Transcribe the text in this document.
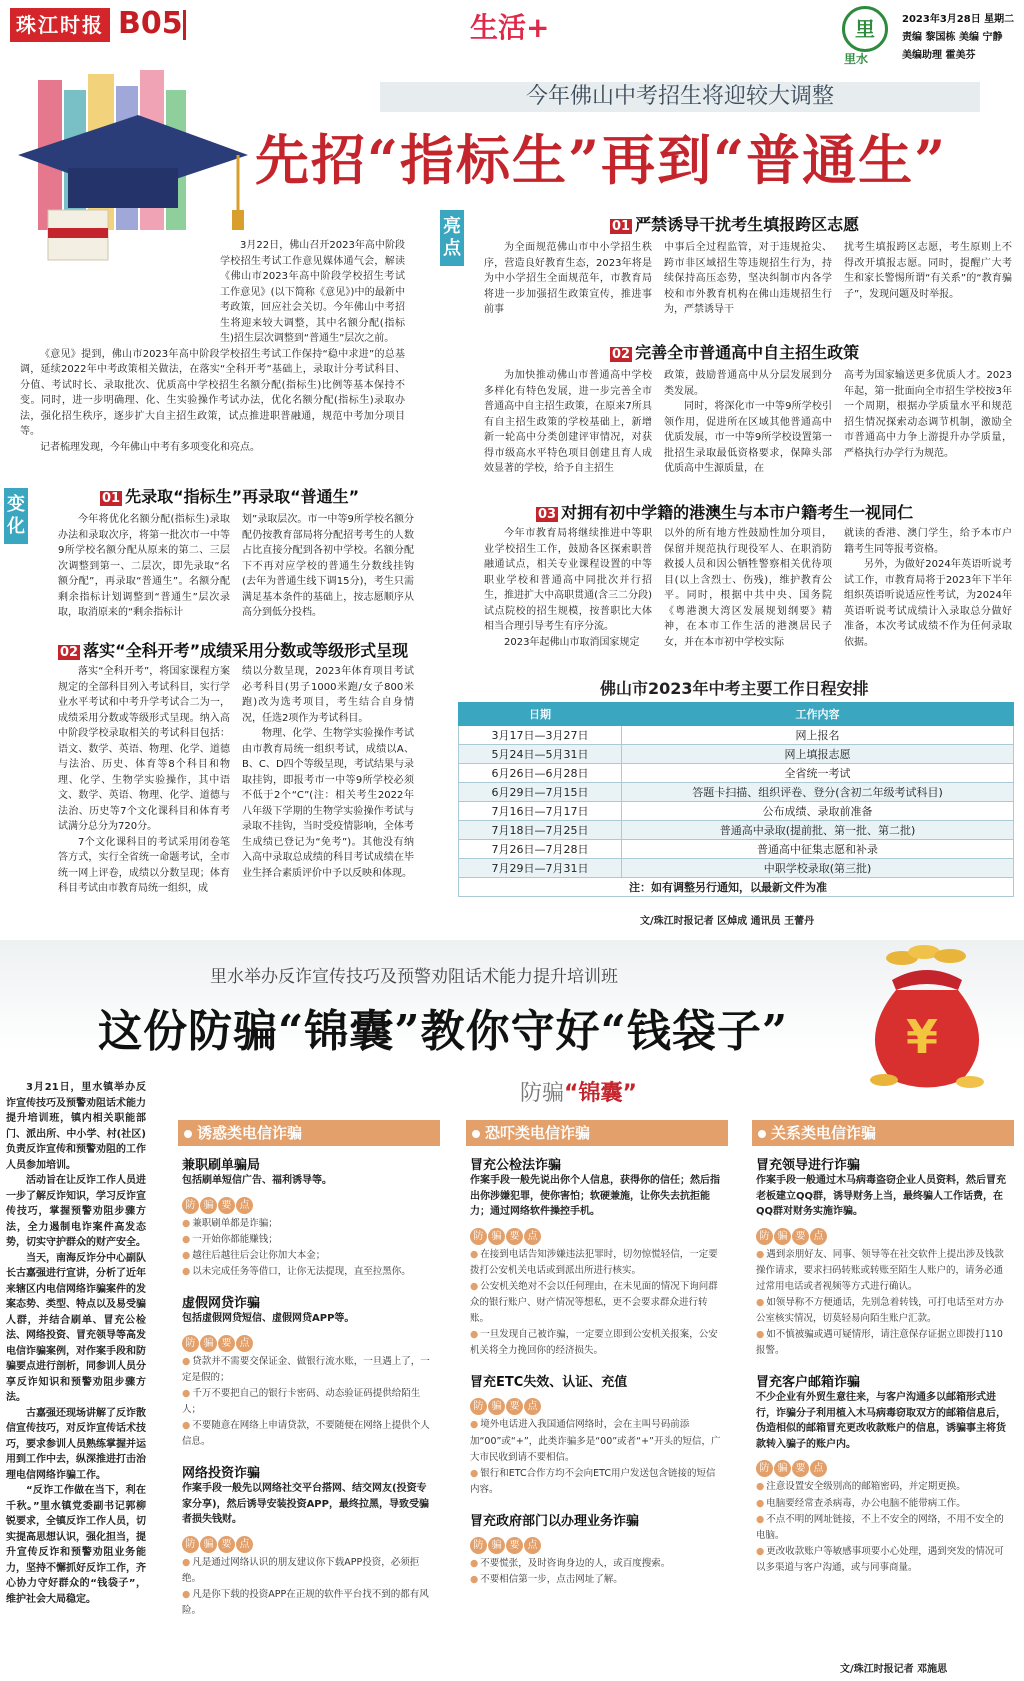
珠江时报 B05	生活+	里
里水
2023年3月28日 星期二
责编 黎国栋 美编 宁静
美编助理 霍美芬
今年佛山中考招生将迎较大调整
先招“指标生”再到“普通生”

3月22日，佛山召开2023年高中阶段学校招生考试工作意见媒体通气会，解读《佛山市2023年高中阶段学校招生考试工作意见》(以下简称《意见》)中的最新中考政策，回应社会关切。今年佛山中考招生将迎来较大调整，其中名额分配(指标生)招生层次调整到“普通生”层次之前。

《意见》提到，佛山市2023年高中阶段学校招生考试工作保持“稳中求进”的总基调，延续2022年中考政策相关做法，在落实“全科开考”基础上，录取计分考试科目、分值、考试时长、录取批次、优质高中学校招生名额分配(指标生)比例等基本保持不变。同时，进一步明确理、化、生实验操作考试办法，优化名额分配(指标生)录取办法，强化招生秩序，逐步扩大自主招生政策，试点推进职普融通，规范中考加分项目等。

记者梳理发现，今年佛山中考有多项变化和亮点。

变化
亮点
01 先录取“指标生”再录取“普通生”
今年将优化名额分配(指标生)录取办法和录取次序，将第一批次市一中等9所学校名额分配从原来的第二、三层次调整到第一、二层次，即先录取“名额分配”，再录取“普通生”。名额分配剩余指标计划调整到“普通生”层次录取，取消原来的“剩余指标计
划”录取层次。市一中等9所学校名额分配仍按教育部局将分配招考考生的人数占比直接分配到各初中学校。名额分配下不再对应学校的普通生分数线挂钩(去年为普通生线下调15分)，考生只需满足基本条件的基础上，按志愿顺序从高分到低分投档。
02 落实“全科开考”成绩采用分数或等级形式呈现

落实“全科开考”，将国家课程方案规定的全部科目列入考试科目，实行学业水平考试和中考升学考试合二为一，成绩采用分数或等级形式呈现。纳入高中阶段学校录取相关的考试科目包括：语文、数学、英语、物理、化学、道德与法治、历史、体育等8个科目和物理、化学、生物学实验操作，其中语文、数学、英语、物理、化学、道德与法治、历史等7个文化课科目和体育考试满分总分为720分。

7个文化课科目的考试采用闭卷笔答方式，实行全省统一命题考试，全市统一网上评卷，成绩以分数呈现；体育科目考试由市教育局统一组织，成

绩以分数呈现，2023年体育项目考试必考科目(男子1000米跑/女子800米跑)改为选考项目，考生结合自身情况，任选2项作为考试科目。

物理、化学、生物学实验操作考试由市教育局统一组织考试，成绩以A、B、C、D四个等级呈现，考试结果与录取挂钩，即报考市一中等9所学校必须不低于2个“C”(注：相关考生2022年八年级下学期的生物学实验操作考试与录取不挂钩，当时受疫情影响，全体考生成绩已登记为“免考”)。其他没有纳入高中录取总成绩的科目考试成绩在毕业生择合素质评价中予以反映和体现。

01 严禁诱导干扰考生填报跨区志愿
为全面规范佛山市中小学招生秩序，营造良好教育生态，2023年将是为中小学招生全面规范年，市教育局将进一步加强招生政策宣传，推进事前事
中事后全过程监管，对于违规抢尖、跨市非区域招生等违规招生行为，持续保持高压态势，坚决纠制市内各学校和市外教育机构在佛山违规招生行为，严禁诱导干
扰考生填报跨区志愿，考生原则上不得改开填报志愿。同时，提醒广大考生和家长警惕所谓“有关系”的“教育骗子”，发现问题及时举报。
02 完善全市普通高中自主招生政策
为加快推动佛山市普通高中学校多样化有特色发展，进一步完善全市普通高中自主招生政策，在原来7所具有自主招生政策的学校基础上，新增新一轮高中分类创建评审情况，对获得市级高水平特色项目创建且育人成效显著的学校，给予自主招生

政策，鼓励普通高中从分层发展到分类发展。

同时，将深化市一中等9所学校引领作用，促进所在区域其他普通高中优质发展，市一中等9所学校设置第一批招生录取最低资格要求，保障头部优质高中生源质量，在

高考为国家输送更多优质人才。2023年起，第一批面向全市招生学校按3年一个周期，根据办学质量水平和规范招生情况探索动态调节机制，激励全市普通高中力争上游提升办学质量，严格执行办学行为规范。
03 对拥有初中学籍的港澳生与本市户籍考生一视同仁

今年市教育局将继续推进中等职业学校招生工作，鼓励各区探索职普融通试点，相关专业课程设置的中等职业学校和普通高中同批次并行招生，推进扩大中高职贯通(含三二分段)试点院校的招生规模，按普职比大体相当合理引导考生有序分流。

2023年起佛山市取消国家规定

以外的所有地方性鼓励性加分项目，保留并规范执行现役军人、在职消防救援人员和因公牺牲警察相关优待项目(以上含烈士、伤残)，维护教育公平。同时，根据中共中央、国务院《粤港澳大湾区发展规划纲要》精神，在本市工作生活的港澳居民子女，并在本市初中学校实际

就读的香港、澳门学生，给予本市户籍考生同等报考资格。

另外，为做好2024年英语听说考试工作，市教育局将于2023年下半年组织英语听说适应性考试，为2024年英语听说考试成绩计入录取总分做好准备，本次考试成绩不作为任何录取依据。

佛山市2023年中考主要工作日程安排
日期	工作内容
3月17日—3月27日	网上报名
5月24日—5月31日	网上填报志愿
6月26日—6月28日	全省统一考试
6月29日—7月15日	答题卡扫描、组织评卷、登分(含初二年级考试科目)
7月16日—7月17日	公布成绩、录取前准备
7月18日—7月25日	普通高中录取(提前批、第一批、第二批)
7月26日—7月28日	普通高中征集志愿和补录
7月29日—7月31日	中职学校录取(第三批)
注：如有调整另行通知，以最新文件为准	
文/珠江时报记者 区焯成 通讯员 王蕾丹
里水举办反诈宣传技巧及预警劝阻话术能力提升培训班
这份防骗“锦囊”教你守好“钱袋子”	¥
防骗“锦囊”

3月21日，里水镇举办反诈宣传技巧及预警劝阻话术能力提升培训班，镇内相关职能部门、派出所、中小学、村(社区)负责反诈宣传和预警劝阻的工作人员参加培训。

活动旨在让反诈工作人员进一步了解反诈知识，学习反诈宣传技巧，掌握预警劝阻步骤方法，全力遏制电诈案件高发态势，切实守护群众的财产安全。

当天，南海反诈分中心副队长古嘉强进行宣讲，分析了近年来辖区内电信网络诈骗案件的发案态势、类型、特点以及易受骗人群，并结合刷单、冒充公检法、网络投资、冒充领导等高发电信诈骗案例，对作案手段和防骗要点进行剖析，同参训人员分享反诈知识和预警劝阻步骤方法。

古嘉强还现场讲解了反诈散信宣传技巧，对反诈宣传话术技巧，要求参训人员熟练掌握并运用到工作中去，纵深推进打击治理电信网络诈骗工作。

“反诈工作做在当下，利在千秋。”里水镇党委副书记郭柳锐要求，全镇反诈工作人员，切实提高思想认识，强化担当，提升宣传反诈和预警劝阻业务能力，坚持不懈抓好反诈工作，齐心协力守好群众的“钱袋子”，维护社会大局稳定。

诱惑类电信诈骗
兼职刷单骗局
包括刷单短信广告、福利诱导等。
防 骗 要 点
● 兼职刷单都是诈骗；
● 一开始你都能赚钱；
● 越往后越往后会让你加大本金；
● 以未完成任务等借口，让你无法提现，直至拉黑你。
虚假网贷诈骗
包括虚假网贷短信、虚假网贷APP等。
防 骗 要 点
● 贷款并不需要交保证金、做银行流水账，一旦遇上了，一定是假的；
● 千万不要把自己的银行卡密码、动态验证码提供给陌生人；
● 不要随意在网络上申请贷款，不要随便在网络上提供个人信息。
网络投资诈骗
作案手段一般先以网络社交平台搭网、结交网友(投资专家分享)，然后诱导安装投资APP，最终拉黑，导致受骗者损失钱财。
防 骗 要 点
● 凡是通过网络认识的朋友建议你下载APP投资，必须拒绝。
● 凡是你下载的投资APP在正规的软件平台找不到的都有风险。
恐吓类电信诈骗
冒充公检法诈骗
作案手段一般先说出你个人信息，获得你的信任；然后指出你涉嫌犯罪，使你害怕；软硬兼施，让你失去抗拒能力；通过网络软件操控手机。
防 骗 要 点
● 在接到电话告知涉嫌违法犯罪时，切勿惊慌轻信，一定要拨打公安机关电话或到派出所进行核实。
● 公安机关绝对不会以任何理由，在未见面的情况下询问群众的银行账户、财产情况等想私，更不会要求群众进行转账。
● 一旦发现自己被诈骗，一定要立即到公安机关报案，公安机关将全力挽回你的经济损失。
冒充ETC失效、认证、充值
防 骗 要 点
● 境外电话进入我国通信网络时，会在主叫号码前添加“00”或“+”，此类诈骗多是“00”或者“+”开头的短信，广大市民收到请不要相信。
● 银行和ETC合作方均不会向ETC用户发送包含链接的短信内容。
冒充政府部门以办理业务诈骗
防 骗 要 点
● 不要慌张，及时咨询身边的人，或百度搜索。
● 不要相信第一步，点击网址了解。
关系类电信诈骗
冒充领导进行诈骗
作案手段一般通过木马病毒盗窃企业人员资料，然后冒充老板建立QQ群，诱导财务上当，最终骗人工作话费，在QQ群对财务实施诈骗。
防 骗 要 点
● 遇到亲朋好友、同事、领导等在社交软件上提出涉及钱款操作请求，要求扫码转账或转账至陌生人账户的，请务必通过常用电话或者视频等方式进行确认。
● 如领导称不方便通话，先别急着转钱，可打电话至对方办公室核实情况，切莫轻易向陌生账户汇款。
● 如不慎被骗或遇可疑情形，请注意保存证据立即拨打110报警。
冒充客户邮箱诈骗
不少企业有外贸生意往来，与客户沟通多以邮箱形式进行，诈骗分子利用植入木马病毒窃取双方的邮箱信息后，伪造相似的邮箱冒充更改收款账户的信息，诱骗事主将货款转入骗子的账户内。
防 骗 要 点
● 注意设置安全级别高的邮箱密码，并定期更换。
● 电脑要经常查杀病毒，办公电脑不能带病工作。
● 不点不明的网址链接，不上不安全的网络，不用不安全的电脑。
● 更改收款账户等敏感事项要小心处理，遇到突发的情况可以多渠道与客户沟通，或与同事商量。
文/珠江时报记者 邓施思
